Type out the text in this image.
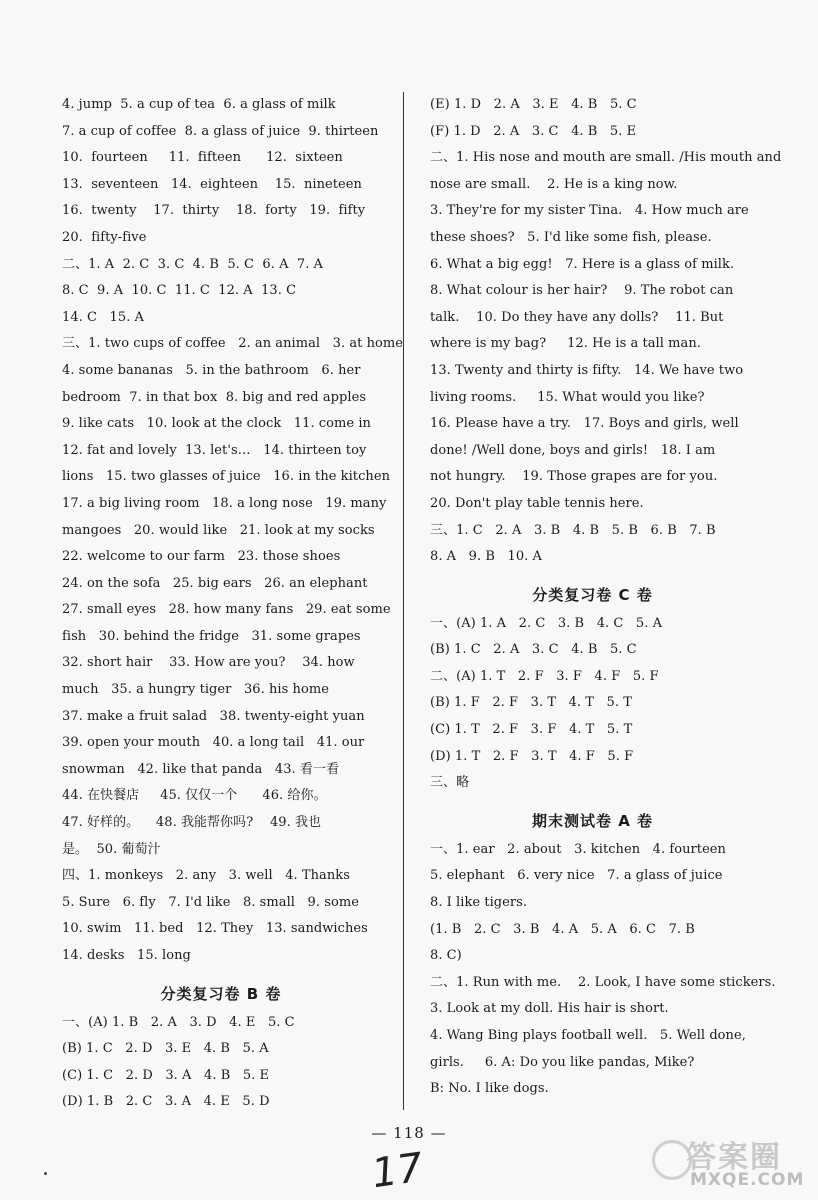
4. jump  5. a cup of tea  6. a glass of milk
7. a cup of coffee  8. a glass of juice  9. thirteen
10.  fourteen     11.  fifteen      12.  sixteen
13.  seventeen   14.  eighteen    15.  nineteen
16.  twenty    17.  thirty    18.  forty   19.  fifty
20.  fifty-five
二、1. A  2. C  3. C  4. B  5. C  6. A  7. A
8. C  9. A  10. C  11. C  12. A  13. C
14. C   15. A
三、1. two cups of coffee   2. an animal   3. at home
4. some bananas   5. in the bathroom   6. her
bedroom  7. in that box  8. big and red apples
9. like cats   10. look at the clock   11. come in
12. fat and lovely  13. let's…   14. thirteen toy
lions   15. two glasses of juice   16. in the kitchen
17. a big living room   18. a long nose   19. many
mangoes   20. would like   21. look at my socks
22. welcome to our farm   23. those shoes
24. on the sofa   25. big ears   26. an elephant
27. small eyes   28. how many fans   29. eat some
fish   30. behind the fridge   31. some grapes
32. short hair    33. How are you?    34. how
much   35. a hungry tiger   36. his home
37. make a fruit salad   38. twenty-eight yuan
39. open your mouth   40. a long tail   41. our
snowman   42. like that panda   43. 看一看
44. 在快餐店     45. 仅仅一个      46. 给你。
47. 好样的。    48. 我能帮你吗?    49. 我也
是。  50. 葡萄汁
四、1. monkeys   2. any   3. well   4. Thanks
5. Sure   6. fly   7. I'd like   8. small   9. some
10. swim   11. bed   12. They   13. sandwiches
14. desks   15. long
分类复习卷 B 卷
一、(A) 1. B   2. A   3. D   4. E   5. C
(B) 1. C   2. D   3. E   4. B   5. A
(C) 1. C   2. D   3. A   4. B   5. E
(D) 1. B   2. C   3. A   4. E   5. D
(E) 1. D   2. A   3. E   4. B   5. C
(F) 1. D   2. A   3. C   4. B   5. E
二、1. His nose and mouth are small. /His mouth and
nose are small.    2. He is a king now.
3. They're for my sister Tina.   4. How much are
these shoes?   5. I'd like some fish, please.
6. What a big egg!   7. Here is a glass of milk.
8. What colour is her hair?    9. The robot can
talk.    10. Do they have any dolls?    11. But
where is my bag?     12. He is a tall man.
13. Twenty and thirty is fifty.   14. We have two
living rooms.     15. What would you like?
16. Please have a try.   17. Boys and girls, well
done! /Well done, boys and girls!   18. I am
not hungry.    19. Those grapes are for you.
20. Don't play table tennis here.
三、1. C   2. A   3. B   4. B   5. B   6. B   7. B
8. A   9. B   10. A
分类复习卷 C 卷
一、(A) 1. A   2. C   3. B   4. C   5. A
(B) 1. C   2. A   3. C   4. B   5. C
二、(A) 1. T   2. F   3. F   4. F   5. F
(B) 1. F   2. F   3. T   4. T   5. T
(C) 1. T   2. F   3. F   4. T   5. T
(D) 1. T   2. F   3. T   4. F   5. F
三、略
期末测试卷 A 卷
一、1. ear   2. about   3. kitchen   4. fourteen
5. elephant   6. very nice   7. a glass of juice
8. I like tigers.
(1. B   2. C   3. B   4. A   5. A   6. C   7. B
8. C)
二、1. Run with me.    2. Look, I have some stickers.
3. Look at my doll. His hair is short.
4. Wang Bing plays football well.   5. Well done,
girls.     6. A: Do you like pandas, Mike?
B: No. I like dogs.
— 118 —
17	答案圈
MXQE.COM
